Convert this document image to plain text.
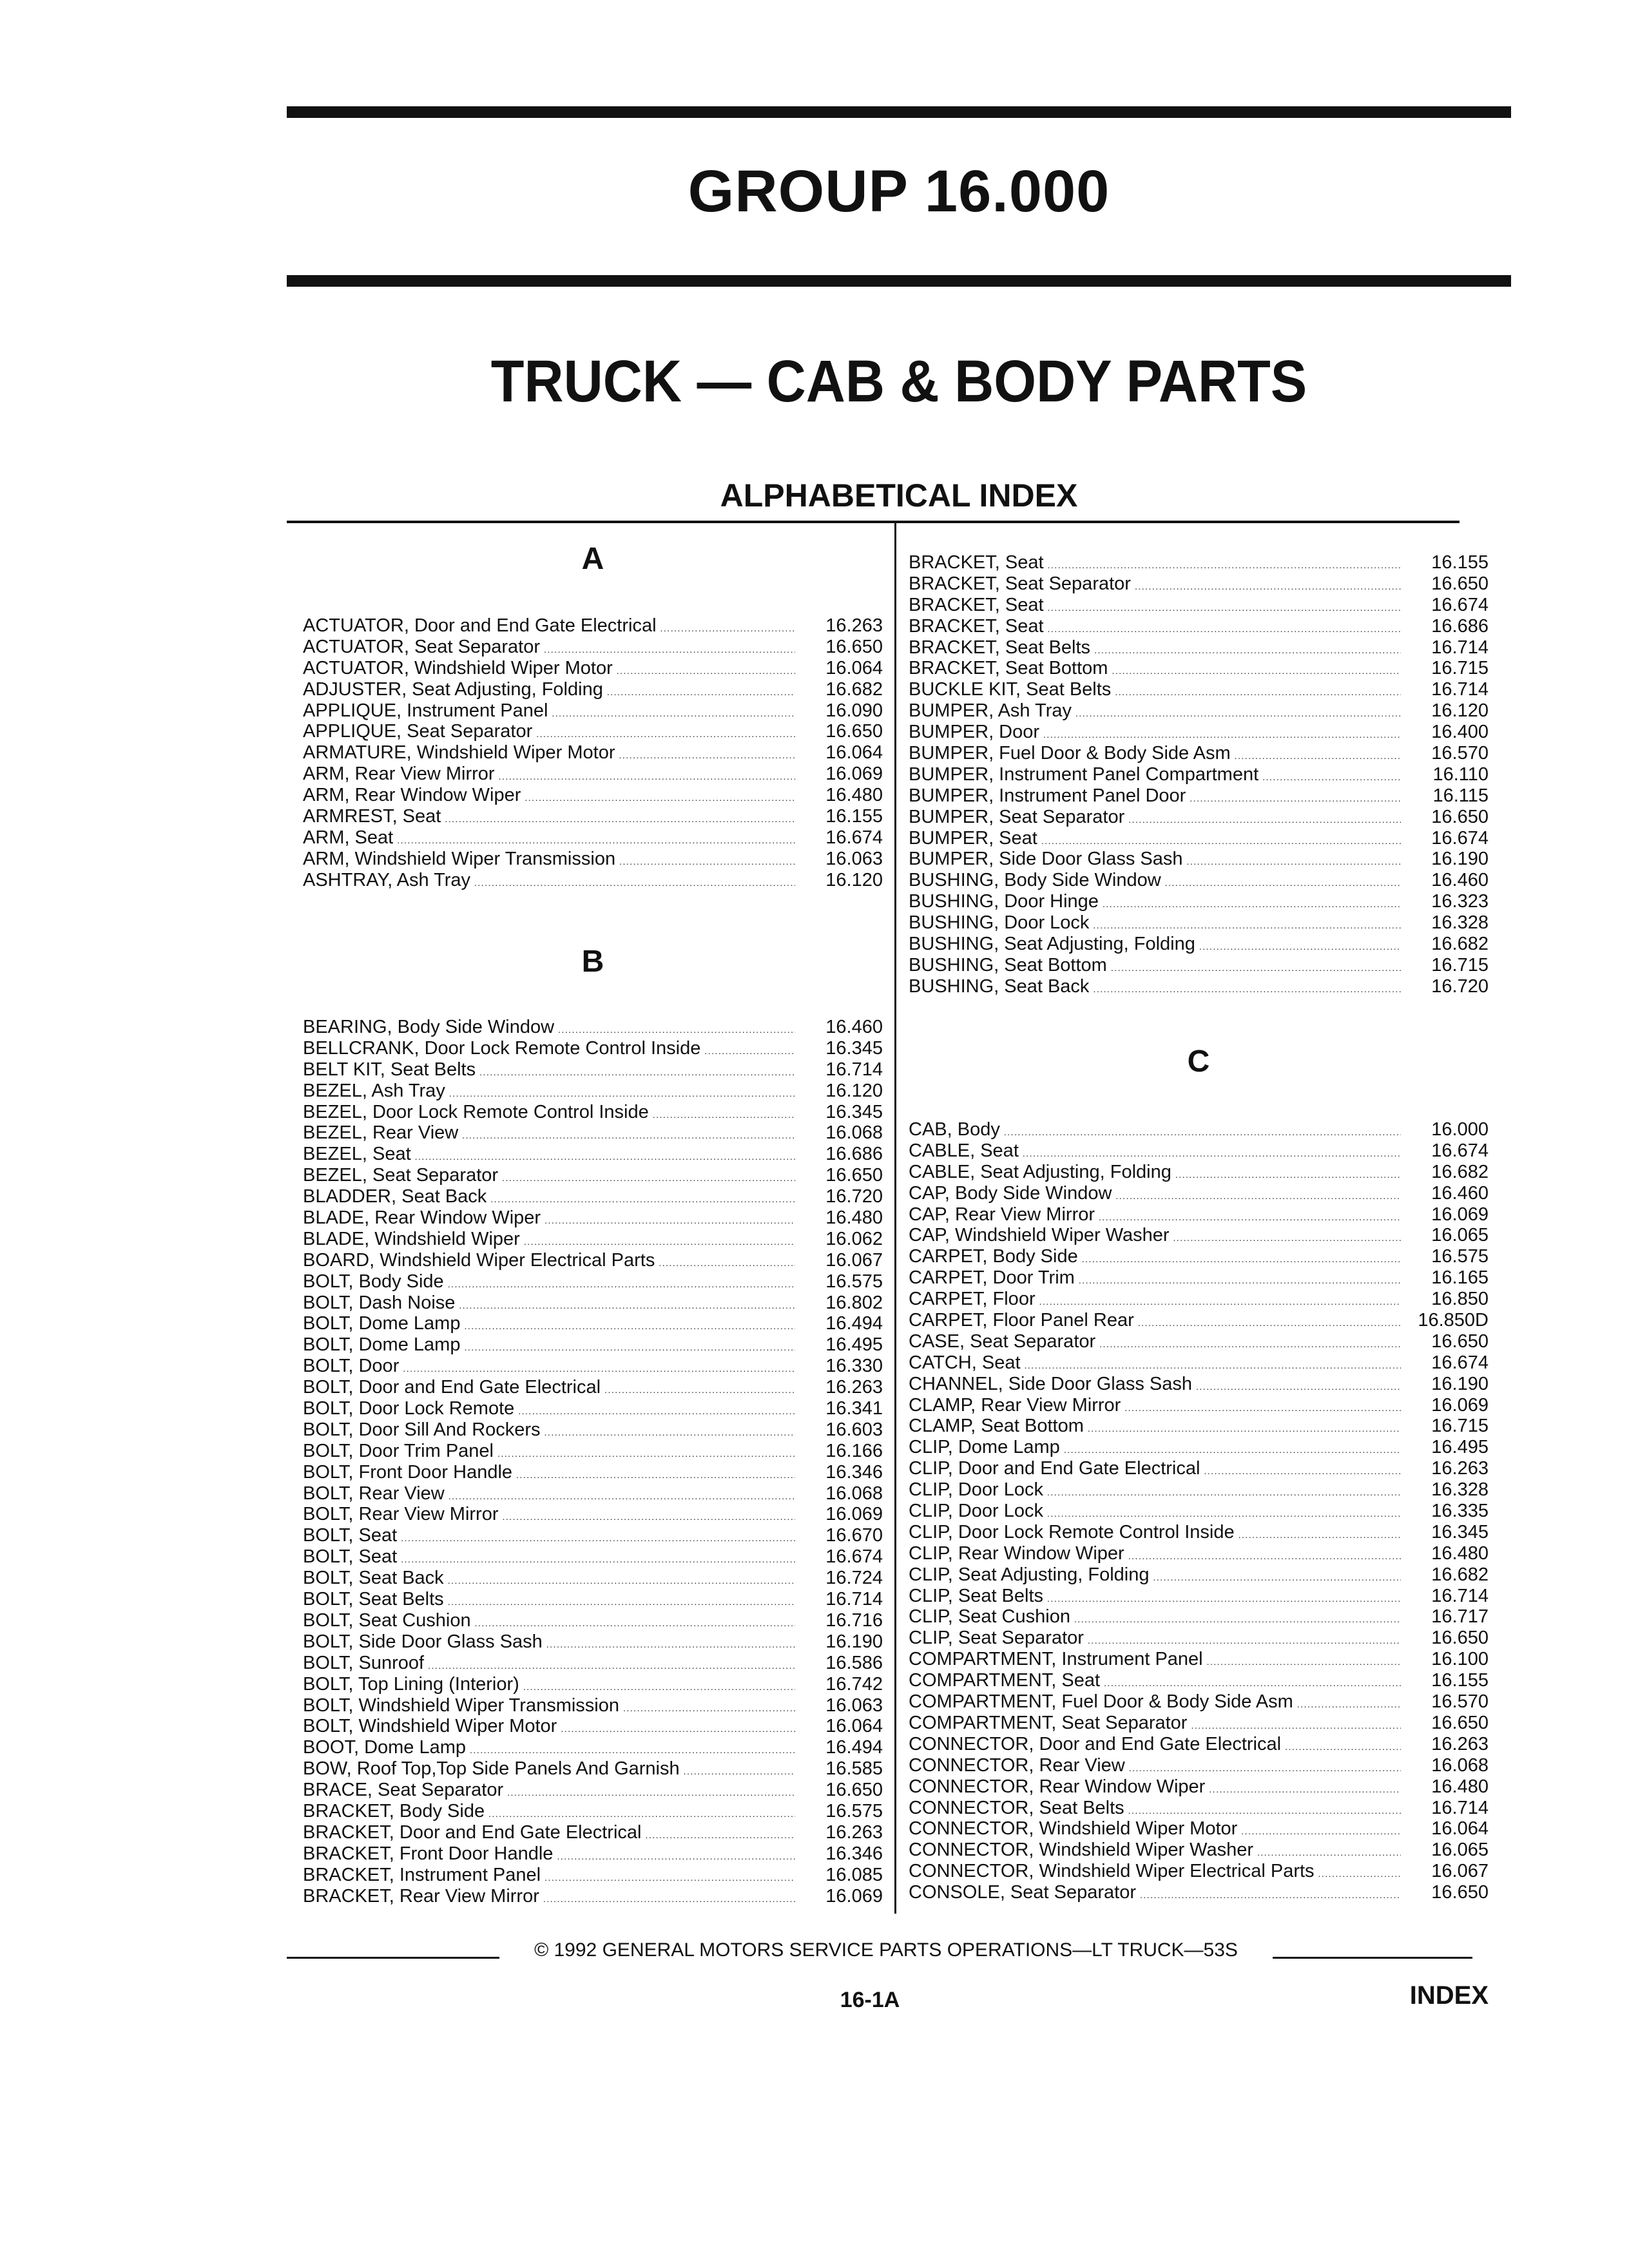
GROUP 16.000
TRUCK — CAB & BODY PARTS
ALPHABETICAL INDEX

A

ACTUATOR, Door and End Gate Electrical .....	16.263
ACTUATOR, Seat Separator .....	16.650
ACTUATOR, Windshield Wiper Motor .....	16.064
ADJUSTER, Seat Adjusting, Folding .....	16.682
APPLIQUE, Instrument Panel .....	16.090
APPLIQUE, Seat Separator .....	16.650
ARMATURE, Windshield Wiper Motor .....	16.064
ARM, Rear View Mirror .....	16.069
ARM, Rear Window Wiper .....	16.480
ARMREST, Seat .....	16.155
ARM, Seat .....	16.674
ARM, Windshield Wiper Transmission .....	16.063
ASHTRAY, Ash Tray .....	16.120

B

BEARING, Body Side Window .....	16.460
BELLCRANK, Door Lock Remote Control Inside .....	16.345
BELT KIT, Seat Belts .....	16.714
BEZEL, Ash Tray .....	16.120
BEZEL, Door Lock Remote Control Inside .....	16.345
BEZEL, Rear View .....	16.068
BEZEL, Seat .....	16.686
BEZEL, Seat Separator .....	16.650
BLADDER, Seat Back .....	16.720
BLADE, Rear Window Wiper .....	16.480
BLADE, Windshield Wiper .....	16.062
BOARD, Windshield Wiper Electrical Parts .....	16.067
BOLT, Body Side .....	16.575
BOLT, Dash Noise .....	16.802
BOLT, Dome Lamp .....	16.494
BOLT, Dome Lamp .....	16.495
BOLT, Door .....	16.330
BOLT, Door and End Gate Electrical .....	16.263
BOLT, Door Lock Remote .....	16.341
BOLT, Door Sill And Rockers .....	16.603
BOLT, Door Trim Panel .....	16.166
BOLT, Front Door Handle .....	16.346
BOLT, Rear View .....	16.068
BOLT, Rear View Mirror .....	16.069
BOLT, Seat .....	16.670
BOLT, Seat .....	16.674
BOLT, Seat Back .....	16.724
BOLT, Seat Belts .....	16.714
BOLT, Seat Cushion .....	16.716
BOLT, Side Door Glass Sash .....	16.190
BOLT, Sunroof .....	16.586
BOLT, Top Lining (Interior) .....	16.742
BOLT, Windshield Wiper Transmission .....	16.063
BOLT, Windshield Wiper Motor .....	16.064
BOOT, Dome Lamp .....	16.494
BOW, Roof Top,Top Side Panels And Garnish .....	16.585
BRACE, Seat Separator .....	16.650
BRACKET, Body Side .....	16.575
BRACKET, Door and End Gate Electrical .....	16.263
BRACKET, Front Door Handle .....	16.346
BRACKET, Instrument Panel .....	16.085
BRACKET, Rear View Mirror .....	16.069
BRACKET, Seat .....	16.155
BRACKET, Seat Separator .....	16.650
BRACKET, Seat .....	16.674
BRACKET, Seat .....	16.686
BRACKET, Seat Belts .....	16.714
BRACKET, Seat Bottom .....	16.715
BUCKLE KIT, Seat Belts .....	16.714
BUMPER, Ash Tray .....	16.120
BUMPER, Door .....	16.400
BUMPER, Fuel Door & Body Side Asm .....	16.570
BUMPER, Instrument Panel Compartment .....	16.110
BUMPER, Instrument Panel Door .....	16.115
BUMPER, Seat Separator .....	16.650
BUMPER, Seat .....	16.674
BUMPER, Side Door Glass Sash .....	16.190
BUSHING, Body Side Window .....	16.460
BUSHING, Door Hinge .....	16.323
BUSHING, Door Lock .....	16.328
BUSHING, Seat Adjusting, Folding .....	16.682
BUSHING, Seat Bottom .....	16.715
BUSHING, Seat Back .....	16.720

C

CAB, Body .....	16.000
CABLE, Seat .....	16.674
CABLE, Seat Adjusting, Folding .....	16.682
CAP, Body Side Window .....	16.460
CAP, Rear View Mirror .....	16.069
CAP, Windshield Wiper Washer .....	16.065
CARPET, Body Side .....	16.575
CARPET, Door Trim .....	16.165
CARPET, Floor .....	16.850
CARPET, Floor Panel Rear .....	16.850D
CASE, Seat Separator .....	16.650
CATCH, Seat .....	16.674
CHANNEL, Side Door Glass Sash .....	16.190
CLAMP, Rear View Mirror .....	16.069
CLAMP, Seat Bottom .....	16.715
CLIP, Dome Lamp .....	16.495
CLIP, Door and End Gate Electrical .....	16.263
CLIP, Door Lock .....	16.328
CLIP, Door Lock .....	16.335
CLIP, Door Lock Remote Control Inside .....	16.345
CLIP, Rear Window Wiper .....	16.480
CLIP, Seat Adjusting, Folding .....	16.682
CLIP, Seat Belts .....	16.714
CLIP, Seat Cushion .....	16.717
CLIP, Seat Separator .....	16.650
COMPARTMENT, Instrument Panel .....	16.100
COMPARTMENT, Seat .....	16.155
COMPARTMENT, Fuel Door & Body Side Asm .....	16.570
COMPARTMENT, Seat Separator .....	16.650
CONNECTOR, Door and End Gate Electrical .....	16.263
CONNECTOR, Rear View .....	16.068
CONNECTOR, Rear Window Wiper .....	16.480
CONNECTOR, Seat Belts .....	16.714
CONNECTOR, Windshield Wiper Motor .....	16.064
CONNECTOR, Windshield Wiper Washer .....	16.065
CONNECTOR, Windshield Wiper Electrical Parts .....	16.067
CONSOLE, Seat Separator .....	16.650
© 1992 GENERAL MOTORS SERVICE PARTS OPERATIONS—LT TRUCK—53S
16-1A	INDEX
